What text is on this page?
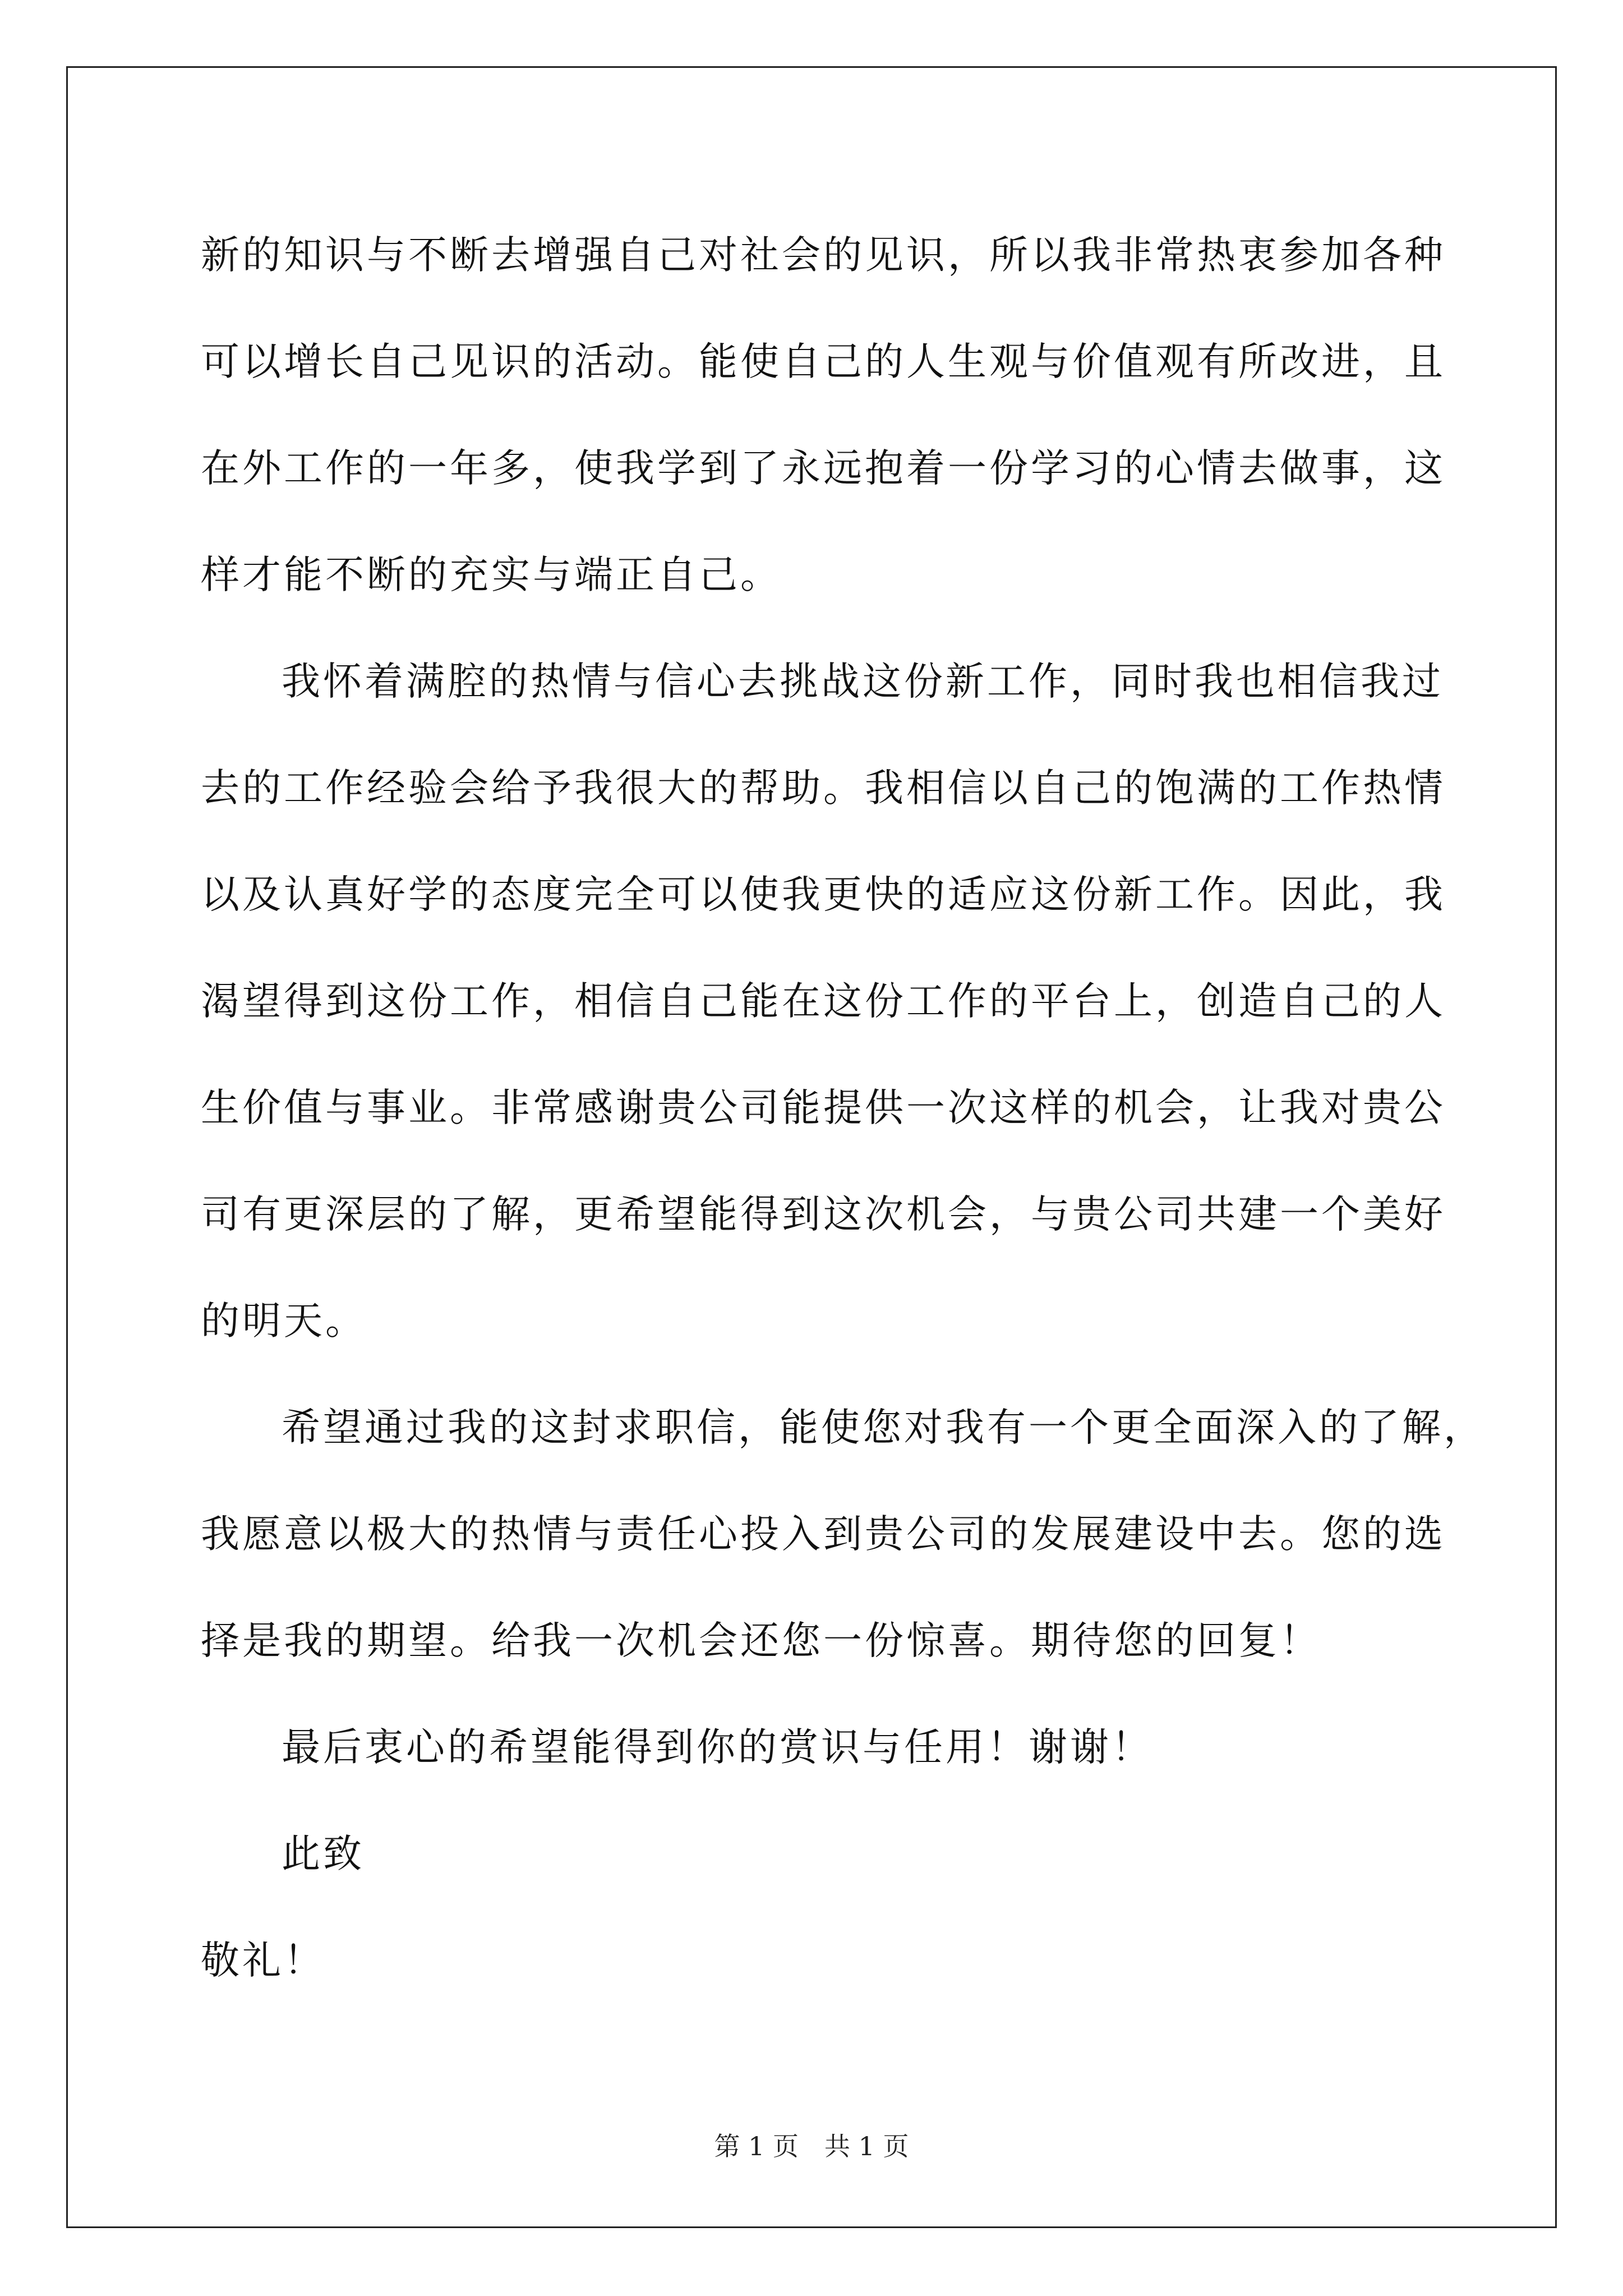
新的知识与不断去增强自己对社会的见识，所以我非常热衷参加各种
可以增长自己见识的活动。能使自己的人生观与价值观有所改进，且
在外工作的一年多，使我学到了永远抱着一份学习的心情去做事，这
样才能不断的充实与端正自己。
我怀着满腔的热情与信心去挑战这份新工作，同时我也相信我过
去的工作经验会给予我很大的帮助。我相信以自己的饱满的工作热情
以及认真好学的态度完全可以使我更快的适应这份新工作。因此，我
渴望得到这份工作，相信自己能在这份工作的平台上，创造自己的人
生价值与事业。非常感谢贵公司能提供一次这样的机会，让我对贵公
司有更深层的了解，更希望能得到这次机会，与贵公司共建一个美好
的明天。
希望通过我的这封求职信，能使您对我有一个更全面深入的了解，
我愿意以极大的热情与责任心投入到贵公司的发展建设中去。您的选
择是我的期望。给我一次机会还您一份惊喜。期待您的回复！
最后衷心的希望能得到你的赏识与任用！谢谢！
此致
敬礼！
第 1 页　共 1 页
